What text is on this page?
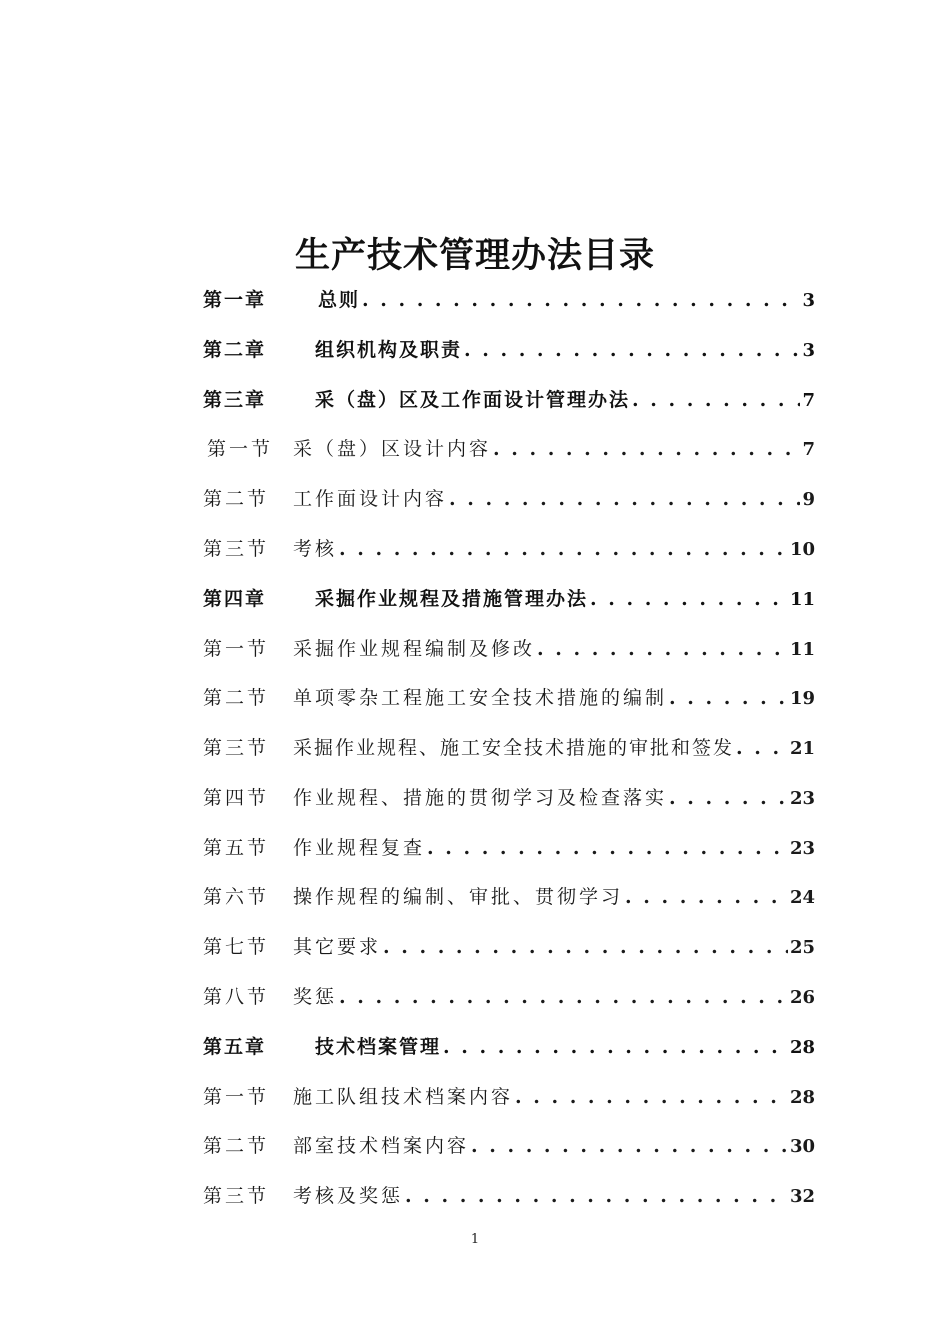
生产技术管理办法目录
第一章	总则 . . .	3
第二章	组织机构及职责 . . .	3
第三章	采（盘）区及工作面设计管理办法 . . .	7
第一节	采（盘）区设计内容 . . .	7
第二节	工作面设计内容 . . .	9
第三节	考核 . . .	10
第四章	采掘作业规程及措施管理办法 . . .	11
第一节	采掘作业规程编制及修改 . . .	11
第二节	单项零杂工程施工安全技术措施的编制 . . .	19
第三节	采掘作业规程、施工安全技术措施的审批和签发 . . .	21
第四节	作业规程、措施的贯彻学习及检查落实 . . .	23
第五节	作业规程复查 . . .	23
第六节	操作规程的编制、审批、贯彻学习 . . .	24
第七节	其它要求 . . .	25
第八节	奖惩 . . .	26
第五章	技术档案管理 . . .	28
第一节	施工队组技术档案内容 . . .	28
第二节	部室技术档案内容 . . .	30
第三节	考核及奖惩 . . .	32
1
